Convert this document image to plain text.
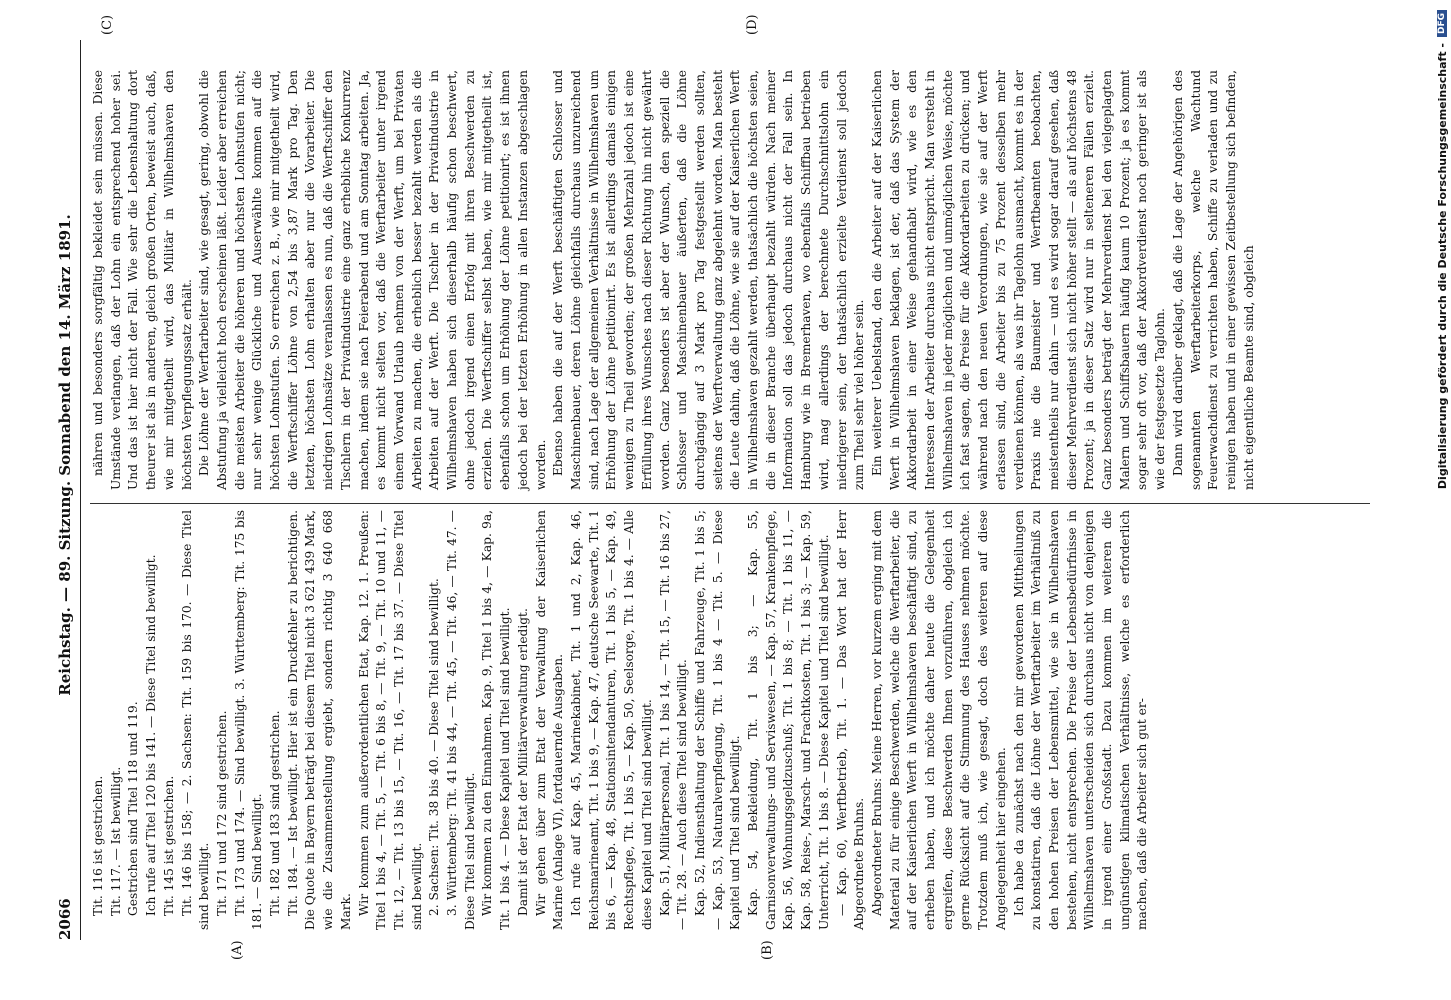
2066
Reichstag. — 89. Sitzung. Sonnabend den 14. März 1891.
(A)	(B)
(C)	(D)

Tit. 116 ist gestrichen. Tit. 117. — Ist bewilligt. Gestrichen sind Titel 118 und 119. Ich rufe auf Titel 120 bis 141. — Diese Titel sind bewilligt. Tit. 145 ist gestrichen. Tit. 146 bis 158; — 2. Sachsen: Tit. 159 bis 170. — Diese Titel sind bewilligt. Tit. 171 und 172 sind gestrichen. Tit. 173 und 174. — Sind bewilligt. 3. Württemberg: Tit. 175 bis 181. — Sind bewilligt. Tit. 182 und 183 sind gestrichen. Tit. 184. — Ist bewilligt. Hier ist ein Druckfehler zu berichtigen. Die Quote in Bayern beträgt bei diesem Titel nicht 3 621 439 Mark, wie die Zusammenstellung ergiebt, sondern richtig 3 640 668 Mark. Wir kommen zum außerordentlichen Etat, Kap. 12. 1. Preußen: Titel 1 bis 4, — Tit. 5, — Tit. 6 bis 8, — Tit. 9, — Tit. 10 und 11, — Tit. 12, — Tit. 13 bis 15, — Tit. 16, — Tit. 17 bis 37. — Diese Titel sind bewilligt. 2. Sachsen: Tit. 38 bis 40. — Diese Titel sind bewilligt. 3. Württemberg: Tit. 41 bis 44, — Tit. 45, — Tit. 46, — Tit. 47. — Diese Titel sind bewilligt. Wir kommen zu den Einnahmen. Kap. 9, Titel 1 bis 4, — Kap. 9a, Tit. 1 bis 4. — Diese Kapitel und Titel sind bewilligt. Damit ist der Etat der Militärverwaltung erledigt. Wir gehen über zum Etat der Verwaltung der Kaiserlichen Marine (Anlage VI), fortdauernde Ausgaben. Ich rufe auf Kap. 45, Marinekabinet, Tit. 1 und 2, Kap. 46, Reichsmarineamt, Tit. 1 bis 9, — Kap. 47, deutsche Seewarte, Tit. 1 bis 6, — Kap. 48, Stationsintendanturen, Tit. 1 bis 5, — Kap. 49, Rechtspflege, Tit. 1 bis 5, — Kap. 50, Seelsorge, Tit. 1 bis 4. — Alle diese Kapitel und Titel sind bewilligt. Kap. 51, Militärpersonal, Tit. 1 bis 14, — Tit. 15, — Tit. 16 bis 27, — Tit. 28. — Auch diese Titel sind bewilligt. Kap. 52, Indiensthaltung der Schiffe und Fahrzeuge, Tit. 1 bis 5; — Kap. 53, Naturalverpflegung, Tit. 1 bis 4 — Tit. 5. — Diese Kapitel und Titel sind bewilligt. Kap. 54, Bekleidung, Tit. 1 bis 3; — Kap. 55, Garnisonverwaltungs- und Serviswesen, — Kap. 57, Krankenpflege, Kap. 56, Wohnungsgeldzuschuß; Tit. 1 bis 8; — Tit. 1 bis 11, — Kap. 58, Reise-, Marsch- und Frachtkosten, Tit. 1 bis 3; — Kap. 59, Unterricht, Tit. 1 bis 8. — Diese Kapitel und Titel sind bewilligt. — Kap. 60, Werftbetrieb, Tit. 1. — Das Wort hat der Herr Abgeordnete Bruhns. Abgeordneter Bruhns: Meine Herren, vor kurzem erging mit dem Material zu für einige Beschwerden, welche die Werftarbeiter, die auf der Kaiserlichen Werft in Wilhelmshaven beschäftigt sind, zu erheben haben, und ich möchte daher heute die Gelegenheit ergreifen, diese Beschwerden Ihnen vorzuführen, obgleich ich gerne Rücksicht auf die Stimmung des Hauses nehmen möchte. Trotzdem muß ich, wie gesagt, doch des weiteren auf diese Angelegenheit hier eingehen. Ich habe da zunächst nach den mir gewordenen Mittheilungen zu konstatiren, daß die Löhne der Werftarbeiter im Verhältniß zu den hohen Preisen der Lebensmittel, wie sie in Wilhelmshaven bestehen, nicht entsprechen. Die Preise der Lebensbedürfnisse in Wilhelmshaven unterscheiden sich durchaus nicht von denjenigen in irgend einer Großstadt. Dazu kommen im weiteren die ungünstigen klimatischen Verhältnisse, welche es erforderlich machen, daß die Arbeiter sich gut er-

nähren und besonders sorgfältig bekleidet sein müssen. Diese Umstände verlangen, daß der Lohn ein entsprechend hoher sei. Und das ist hier nicht der Fall. Wie sehr die Lebenshaltung dort theurer ist als in anderen, gleich großen Orten, beweist auch, daß, wie mir mitgetheilt wird, das Militär in Wilhelmshaven den höchsten Verpflegungssatz erhält. Die Löhne der Werftarbeiter sind, wie gesagt, gering, obwohl die Abstufung ja vielleicht hoch erscheinen läßt. Leider aber erreichen die meisten Arbeiter die höheren und höchsten Lohnstufen nicht; nur sehr wenige Glückliche und Auserwählte kommen auf die höchsten Lohnstufen. So erreichen z. B., wie mir mitgetheilt wird, die Werftschiffer Löhne von 2,54 bis 3,87 Mark pro Tag. Den letzten, höchsten Lohn erhalten aber nur die Vorarbeiter. Die niedrigen Lohnsätze veranlassen es nun, daß die Werftschiffer den Tischlern in der Privatindustrie eine ganz erhebliche Konkurrenz machen, indem sie nach Feierabend und am Sonntag arbeiten. Ja, es kommt nicht selten vor, daß die Werftarbeiter unter irgend einem Vorwand Urlaub nehmen von der Werft, um bei Privaten Arbeiten zu machen, die erheblich besser bezahlt werden als die Arbeiten auf der Werft. Die Tischler in der Privatindustrie in Wilhelmshaven haben sich dieserhalb häufig schon beschwert, ohne jedoch irgend einen Erfolg mit ihren Beschwerden zu erzielen. Die Werftschiffer selbst haben, wie mir mitgetheilt ist, ebenfalls schon um Erhöhung der Löhne petitionirt; es ist ihnen jedoch bei der letzten Erhöhung in allen Instanzen abgeschlagen worden. Ebenso haben die auf der Werft beschäftigten Schlosser und Maschinenbauer, deren Löhne gleichfalls durchaus unzureichend sind, nach Lage der allgemeinen Verhältnisse in Wilhelmshaven um Erhöhung der Löhne petitionirt. Es ist allerdings damals einigen wenigen zu Theil geworden; der großen Mehrzahl jedoch ist eine Erfüllung ihres Wunsches nach dieser Richtung hin nicht gewährt worden. Ganz besonders ist aber der Wunsch, den speziell die Schlosser und Maschinenbauer äußerten, daß die Löhne durchgängig auf 3 Mark pro Tag festgestellt werden sollten, seitens der Werftverwaltung ganz abgelehnt worden. Man besteht die Leute dahin, daß die Löhne, wie sie auf der Kaiserlichen Werft in Wilhelmshaven gezahlt werden, thatsächlich die höchsten seien, die in dieser Branche überhaupt bezahlt würden. Nach meiner Information soll das jedoch durchaus nicht der Fall sein. In Hamburg wie in Bremerhaven, wo ebenfalls Schiffbau betrieben wird, mag allerdings der berechnete Durchschnittslohn ein niedrigerer sein, der thatsächlich erzielte Verdienst soll jedoch zum Theil sehr viel höher sein. Ein weiterer Uebelstand, den die Arbeiter auf der Kaiserlichen Werft in Wilhelmshaven beklagen, ist der, daß das System der Akkordarbeit in einer Weise gehandhabt wird, wie es den Interessen der Arbeiter durchaus nicht entspricht. Man versteht in Wilhelmshaven in jeder möglichen und unmöglichen Weise, möchte ich fast sagen, die Preise für die Akkordarbeiten zu drücken; und während nach den neuen Verordnungen, wie sie auf der Werft erlassen sind, die Arbeiter bis zu 75 Prozent desselben mehr verdienen können, als was ihr Tagelohn ausmacht, kommt es in der Praxis nie die Baumeister und Werftbeamten beobachten, meistentheils nur dahin — und es wird sogar darauf gesehen, daß dieser Mehrverdienst sich nicht höher stellt — als auf höchstens 48 Prozent; ja in dieser Satz wird nur in selteneren Fällen erzielt. Ganz besonders beträgt der Mehrverdienst bei den vielgeplagten Malern und Schiffsbauern häufig kaum 10 Prozent; ja es kommt sogar sehr oft vor, daß der Akkordverdienst noch geringer ist als wie der festgesetzte Taglohn. Dann wird darüber geklagt, daß die Lage der Angehörigen des sogenannten Werftarbeiterkorps, welche Wachtund Feuerwachdienst zu verrichten haben, Schiffe zu verladen und zu reinigen haben und in einer gewissen Zeitbestellung sich befinden, nicht eigentliche Beamte sind, obgleich	Digitalisierung gefördert durch die Deutsche Forschungsgemeinschaft -
DFG
